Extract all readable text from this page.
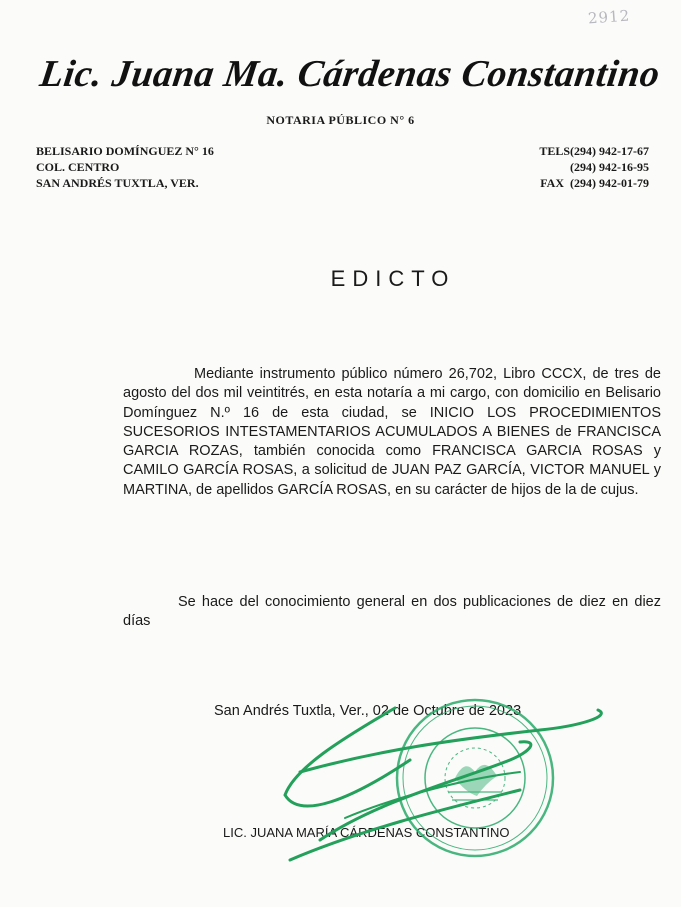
2912
Lic. Juana Ma. Cárdenas Constantino
NOTARIA PÚBLICO N° 6
BELISARIO DOMÍNGUEZ N° 16
COL. CENTRO
SAN ANDRÉS TUXTLA, VER.
TELS(294) 942-17-67
(294) 942-16-95
FAX  (294) 942-01-79
EDICTO
Mediante instrumento público número 26,702, Libro CCCX, de tres de agosto del dos mil veintitrés, en esta notaría a mi cargo, con domicilio en Belisario Domínguez N.º 16 de esta ciudad, se INICIO LOS PROCEDIMIENTOS SUCESORIOS INTESTAMENTARIOS ACUMULADOS A BIENES de FRANCISCA GARCIA ROZAS, también conocida como FRANCISCA GARCIA ROSAS y CAMILO GARCÍA ROSAS, a solicitud de JUAN PAZ GARCÍA, VICTOR MANUEL y MARTINA, de apellidos GARCÍA ROSAS, en su carácter de hijos de la de cujus.
Se hace del conocimiento general en dos publicaciones de diez en diez días
San Andrés Tuxtla, Ver., 02 de Octubre de 2023
LIC. JUANA MARÍA CÁRDENAS CONSTANTINO
